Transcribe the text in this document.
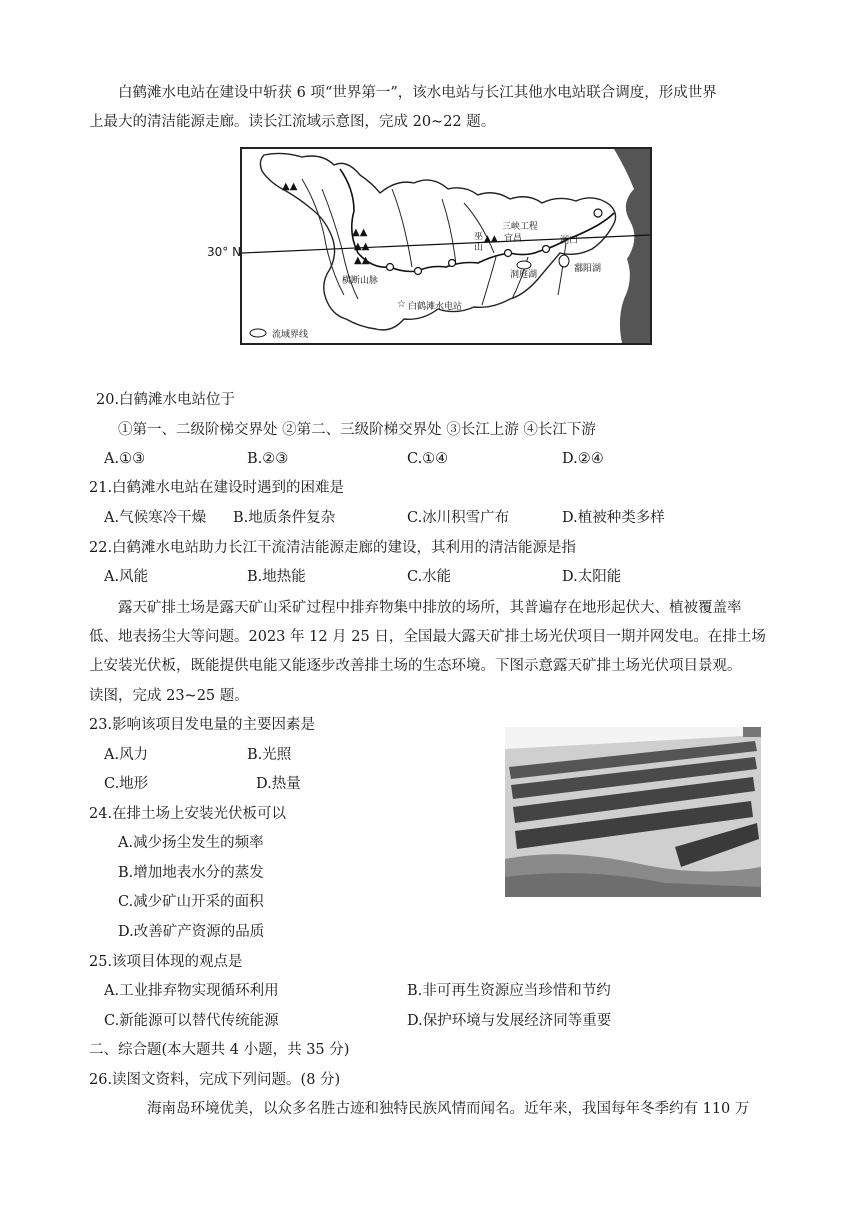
白鹤滩水电站在建设中斩获 6 项“世界第一”，该水电站与长江其他水电站联合调度，形成世界
上最大的清洁能源走廊。读长江流域示意图，完成 20~22 题。
▲▲
▲▲
▲▲
▲▲
▲▲
☆
横断山脉
白鹤滩水电站
巫
山
三峡工程
宜昌	湖口
洞庭湖
鄱阳湖
流域界线
30° N
20.白鹤滩水电站位于
①第一、二级阶梯交界处 ②第二、三级阶梯交界处 ③长江上游 ④长江下游
A.①③	B.②③	C.①④	D.②④
21.白鹤滩水电站在建设时遇到的困难是
A.气候寒冷干燥 B.地质条件复杂	C.冰川积雪广布	D.植被种类多样
22.白鹤滩水电站助力长江干流清洁能源走廊的建设，其利用的清洁能源是指
A.风能	B.地热能	C.水能	D.太阳能
露天矿排土场是露天矿山采矿过程中排弃物集中排放的场所，其普遍存在地形起伏大、植被覆盖率
低、地表扬尘大等问题。2023 年 12 月 25 日，全国最大露天矿排土场光伏项目一期并网发电。在排土场
上安装光伏板，既能提供电能又能逐步改善排土场的生态环境。下图示意露天矿排土场光伏项目景观。
读图，完成 23~25 题。
23.影响该项目发电量的主要因素是
A.风力	B.光照
C.地形	D.热量
24.在排土场上安装光伏板可以
A.减少扬尘发生的频率
B.增加地表水分的蒸发
C.减少矿山开采的面积
D.改善矿产资源的品质
25.该项目体现的观点是
A.工业排弃物实现循环利用	B.非可再生资源应当珍惜和节约
C.新能源可以替代传统能源	D.保护环境与发展经济同等重要
二、综合题(本大题共 4 小题，共 35 分)
26.读图文资料，完成下列问题。(8 分)
海南岛环境优美，以众多名胜古迹和独特民族风情而闻名。近年来，我国每年冬季约有 110 万
